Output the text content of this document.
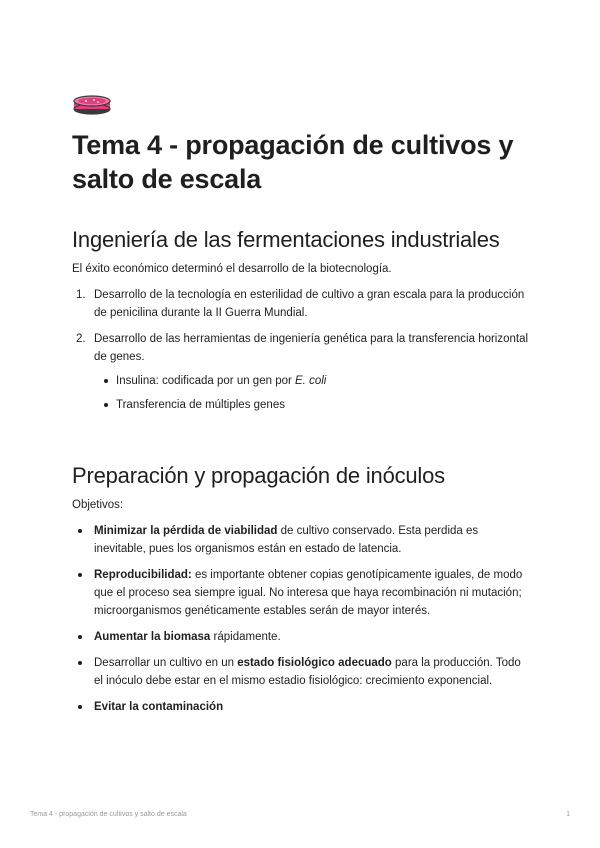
Tema 4 - propagación de cultivos y salto de escala
Ingeniería de las fermentaciones industriales

El éxito económico determinó el desarrollo de la biotecnología.

1. Desarrollo de la tecnología en esterilidad de cultivo a gran escala para la producción de penicilina durante la II Guerra Mundial.
2. Desarrollo de las herramientas de ingeniería genética para la transferencia horizontal de genes.
Insulina: codificada por un gen por E. coli
Transferencia de múltiples genes
Preparación y propagación de inóculos

Objetivos:

Minimizar la pérdida de viabilidad de cultivo conservado. Esta perdida es inevitable, pues los organismos están en estado de latencia.
Reproducibilidad: es importante obtener copias genotípicamente iguales, de modo que el proceso sea siempre igual. No interesa que haya recombinación ni mutación; microorganismos genéticamente estables serán de mayor interés.
Aumentar la biomasa rápidamente.
Desarrollar un cultivo en un estado fisiológico adecuado para la producción. Todo el inóculo debe estar en el mismo estadio fisiológico: crecimiento exponencial.
Evitar la contaminación
Tema 4 - propagación de cultivos y salto de escala	1
